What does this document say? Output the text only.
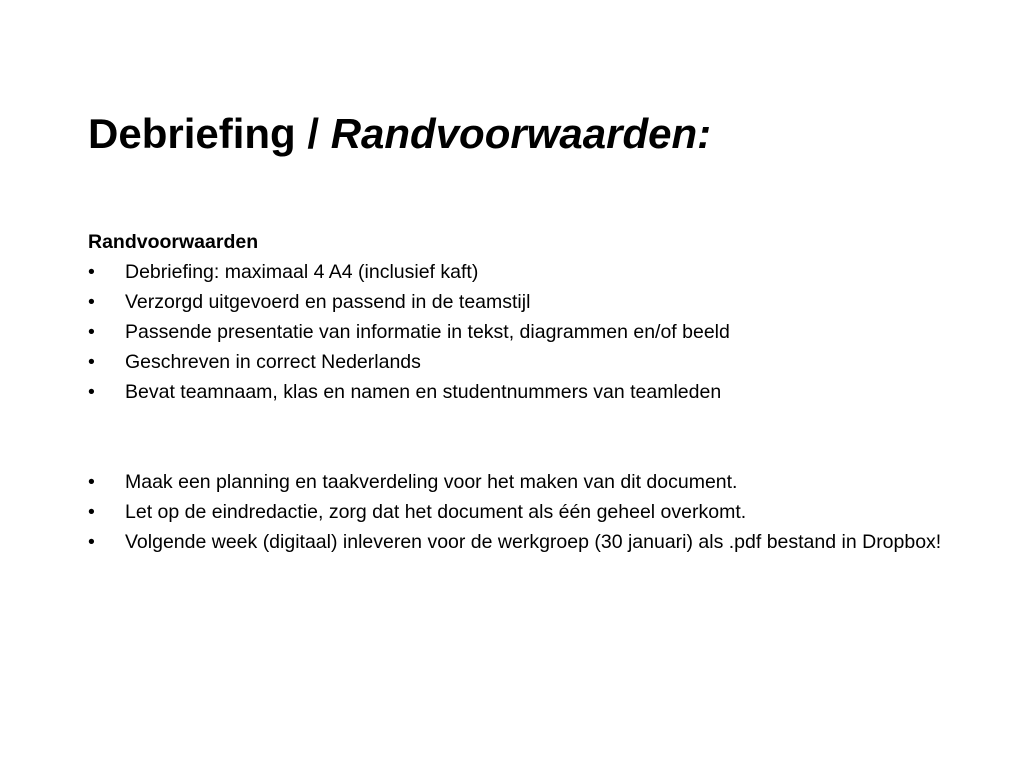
Debriefing / Randvoorwaarden:

Randvoorwaarden

• Debriefing: maximaal 4 A4 (inclusief kaft)
• Verzorgd uitgevoerd en passend in de teamstijl
• Passende presentatie van informatie in tekst, diagrammen en/of beeld
• Geschreven in correct Nederlands
• Bevat teamnaam, klas en namen en studentnummers van teamleden
• Maak een planning en taakverdeling voor het maken van dit document.
• Let op de eindredactie, zorg dat het document als één geheel overkomt.
• Volgende week (digitaal) inleveren voor de werkgroep (30 januari) als .pdf bestand in Dropbox!
